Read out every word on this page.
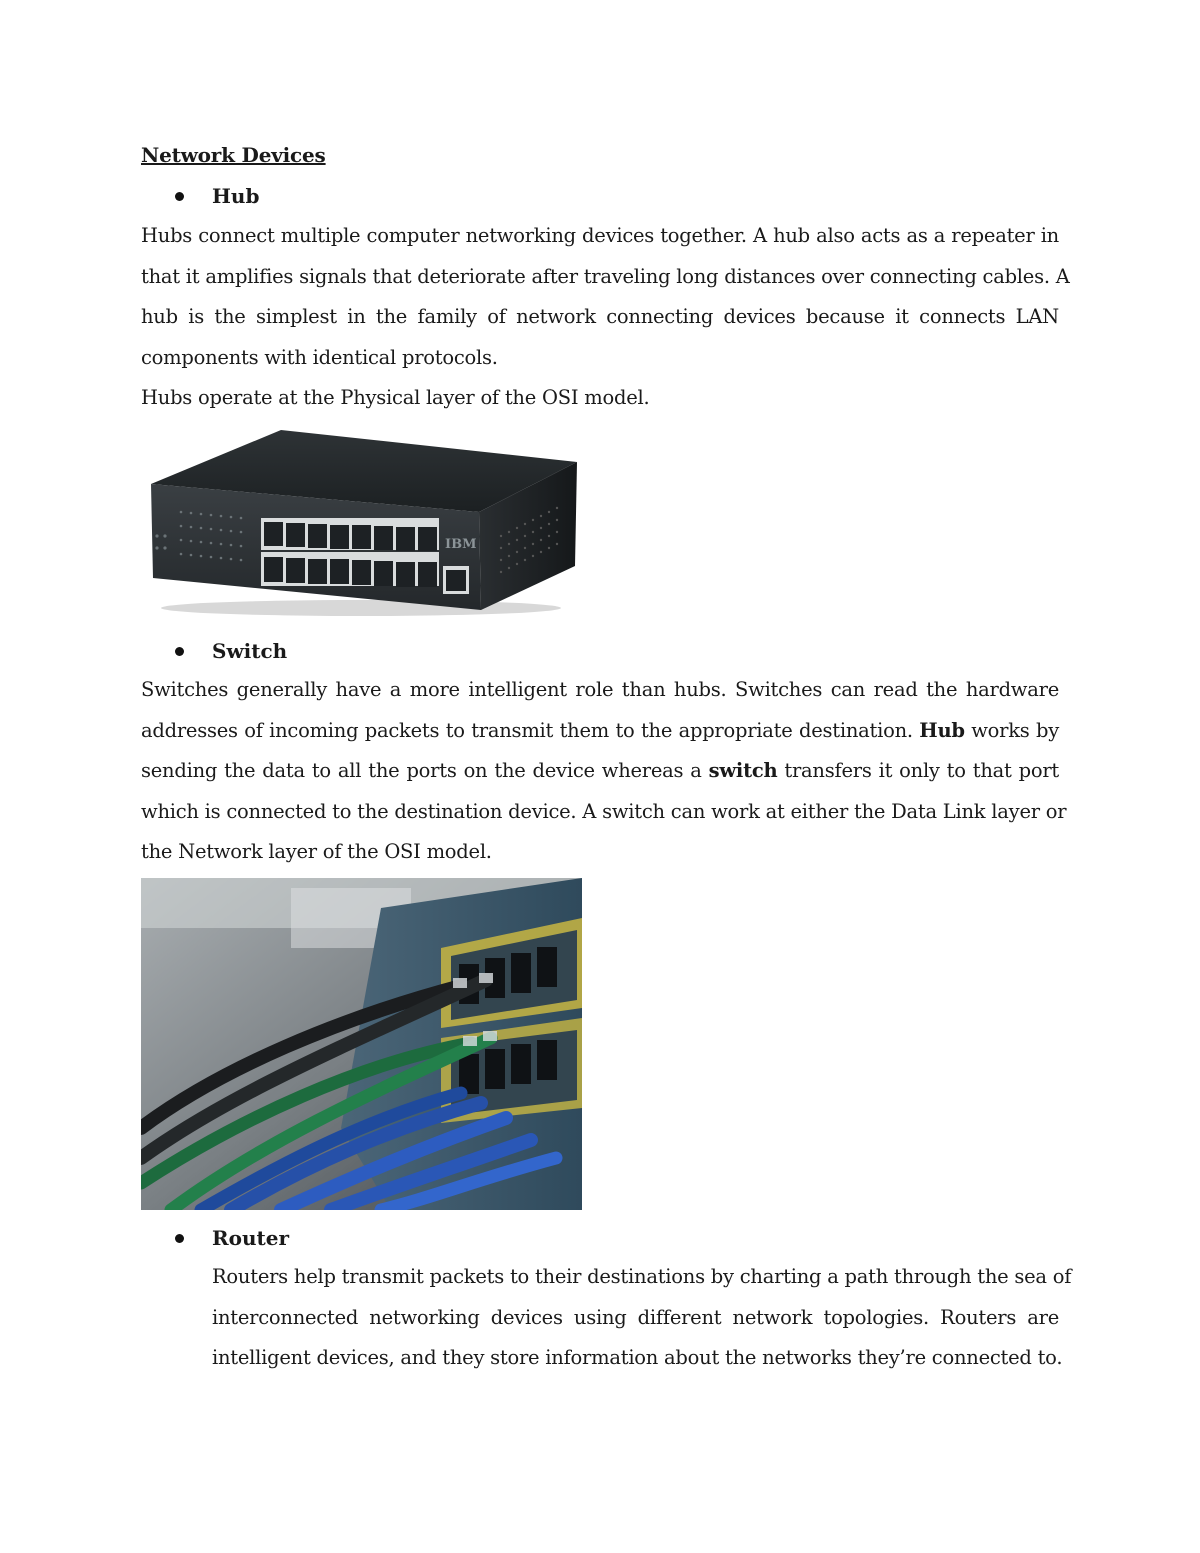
Network Devices
Hub
Hubs connect multiple computer networking devices together. A hub also acts as a repeater in
that it amplifies signals that deteriorate after traveling long distances over connecting cables. A
hub is the simplest in the family of network connecting devices because it connects LAN
components with identical protocols.
Hubs operate at the Physical layer of the OSI model.
IBM
Switch
Switches generally have a more intelligent role than hubs. Switches can read the hardware
addresses of incoming packets to transmit them to the appropriate destination. Hub works by
sending the data to all the ports on the device whereas a switch transfers it only to that port
which is connected to the destination device. A switch can work at either the Data Link layer or
the Network layer of the OSI model.
Router
Routers help transmit packets to their destinations by charting a path through the sea of
interconnected networking devices using different network topologies. Routers are
intelligent devices, and they store information about the networks they’re connected to.
